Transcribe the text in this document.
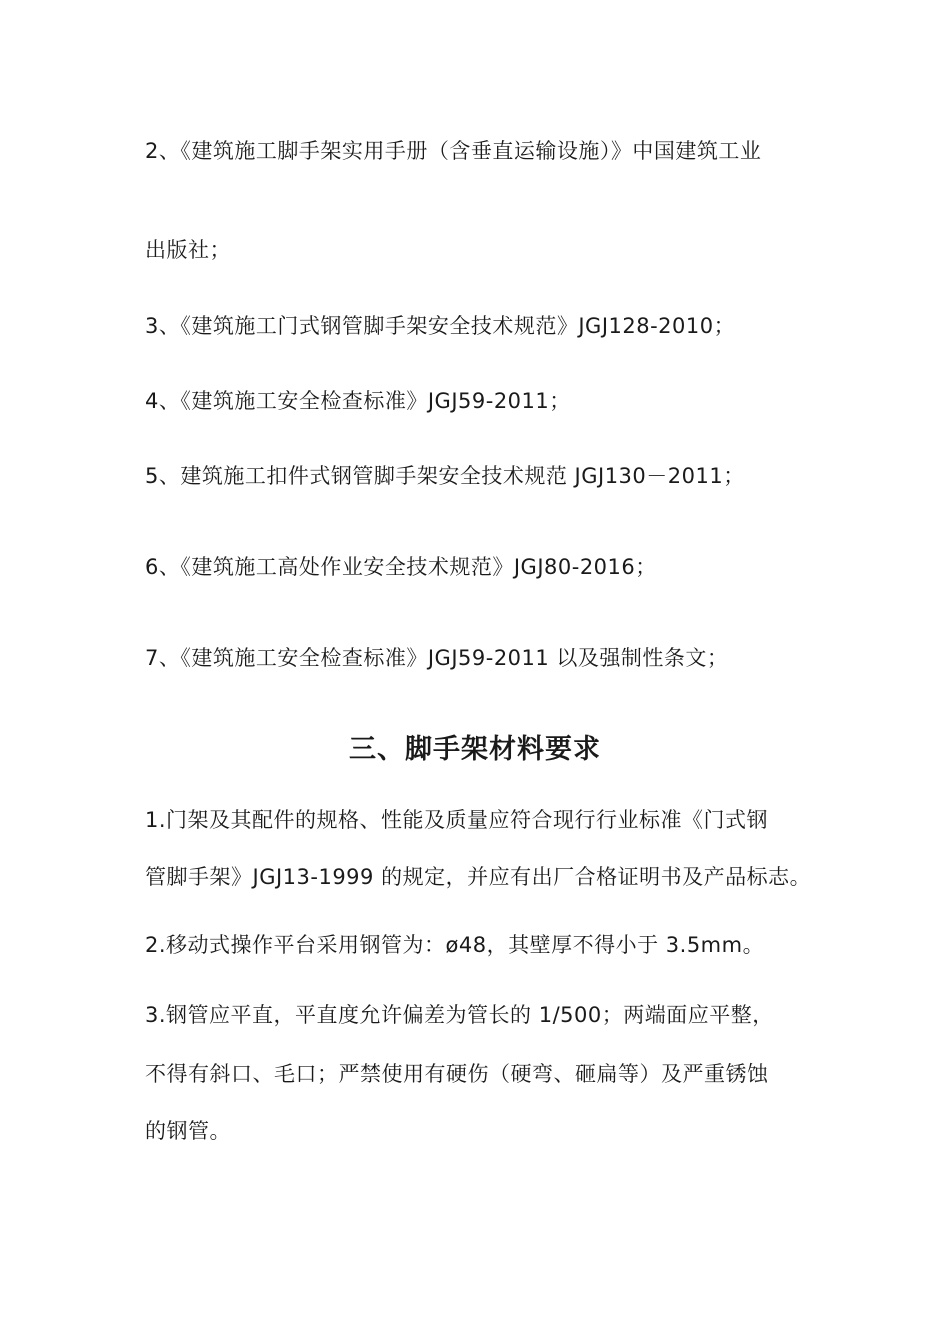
2、《建筑施工脚手架实用手册（含垂直运输设施）》中国建筑工业

出版社；

3、《建筑施工门式钢管脚手架安全技术规范》JGJ128-2010；

4、《建筑施工安全检查标准》JGJ59-2011；

5、建筑施工扣件式钢管脚手架安全技术规范 JGJ130－2011；

6、《建筑施工高处作业安全技术规范》JGJ80-2016；

7、《建筑施工安全检查标准》JGJ59-2011 以及强制性条文；

三、脚手架材料要求

1.门架及其配件的规格、性能及质量应符合现行行业标准《门式钢

管脚手架》JGJ13-1999 的规定，并应有出厂合格证明书及产品标志。

2.移动式操作平台采用钢管为：ø48，其壁厚不得小于 3.5mm。

3.钢管应平直，平直度允许偏差为管长的 1/500；两端面应平整，

不得有斜口、毛口；严禁使用有硬伤（硬弯、砸扁等）及严重锈蚀

的钢管。
